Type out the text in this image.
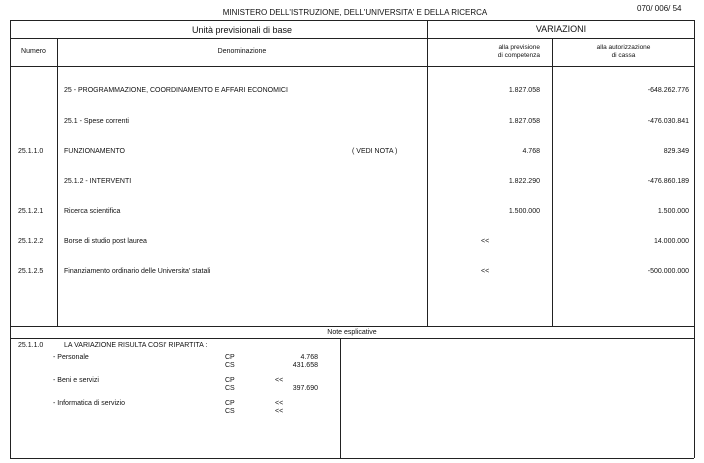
MINISTERO DELL'ISTRUZIONE, DELL'UNIVERSITA' E DELLA RICERCA	070/ 006/ 54
Unità previsionali di base	VARIAZIONI
Numero	Denominazione
alla previsione
di competenza
alla autorizzazione
di cassa
25 - PROGRAMMAZIONE, COORDINAMENTO E AFFARI ECONOMICI	1.827.058	-648.262.776
25.1 - Spese correnti	1.827.058	-476.030.841
25.1.1.0	FUNZIONAMENTO	( VEDI NOTA )	4.768	829.349
25.1.2 - INTERVENTI	1.822.290	-476.860.189
25.1.2.1	Ricerca scientifica	1.500.000	1.500.000
25.1.2.2	Borse di studio post laurea	<<	14.000.000
25.1.2.5	Finanziamento ordinario delle Universita' statali	<<	-500.000.000
Note esplicative
25.1.1.0	LA VARIAZIONE RISULTA COSI' RIPARTITA :
- Personale	CP	4.768
CS	431.658
- Beni e servizi	CP	<<
CS	397.690
- Informatica di servizio	CP	<<
CS	<<
